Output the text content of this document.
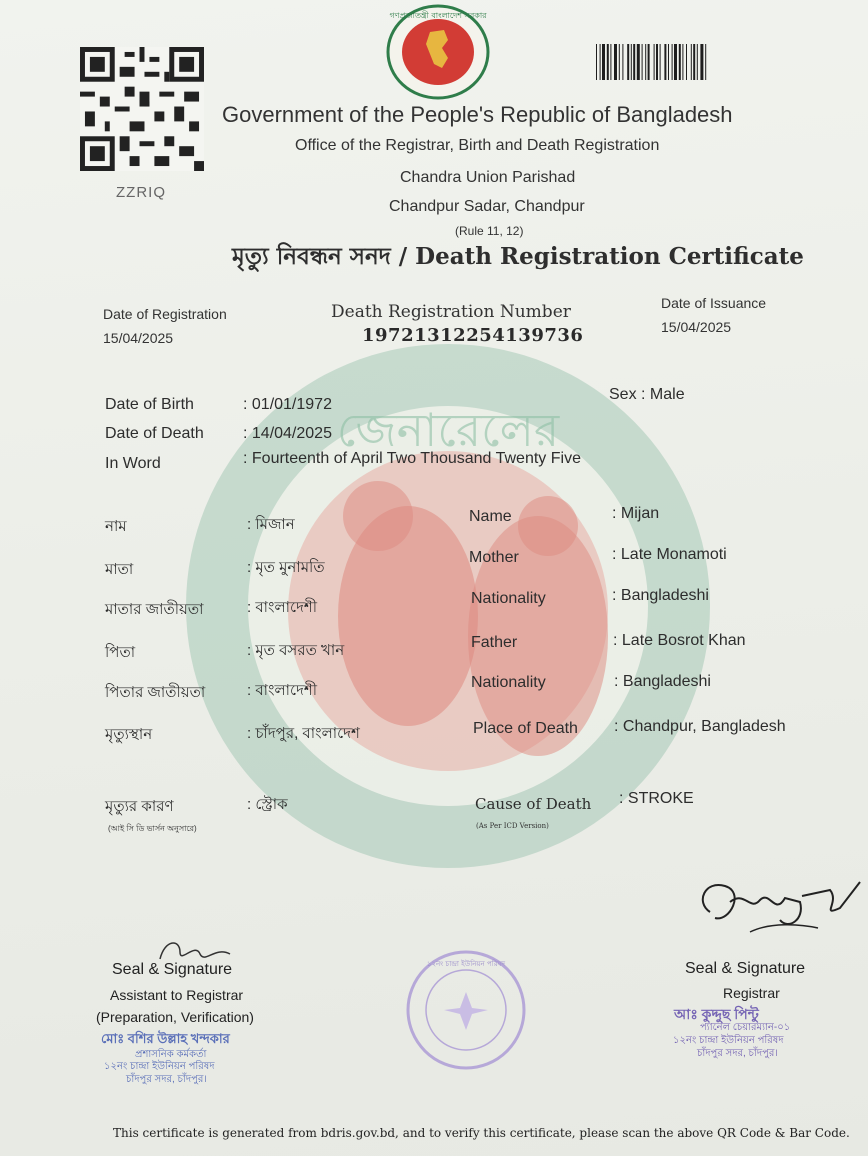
জেনারেলের
ZZRIQ
গণপ্রজাতন্ত্রী বাংলাদেশ সরকার
Government of the People's Republic of Bangladesh
Office of the Registrar, Birth and Death Registration
Chandra Union Parishad
Chandpur Sadar, Chandpur
(Rule 11, 12)
মৃত্যু নিবন্ধন সনদ / Death Registration Certificate
Date of Registration
15/04/2025
Death Registration Number
19721312254139736
Date of Issuance
15/04/2025
Date of Birth	: 01/01/1972
Date of Death : 14/04/2025
In Word	: Fourteenth of April Two Thousand Twenty Five
Sex : Male
নাম	: মিজান
মাতা	: মৃত মুনামতি
মাতার জাতীয়তা	: বাংলাদেশী
পিতা	: মৃত বসরত খান
পিতার জাতীয়তা	: বাংলাদেশী
মৃত্যুস্থান	: চাঁদপুর, বাংলাদেশ
মৃত্যুর কারণ	: স্ট্রোক
(আই সি ডি ভার্সন অনুসারে)
Name	: Mijan
Mother	: Late Monamoti
Nationality	: Bangladeshi
Father	: Late Bosrot Khan
Nationality	: Bangladeshi
Place of Death : Chandpur, Bangladesh
Cause of Death : STROKE
(As Per ICD Version)
Seal & Signature
Assistant to Registrar
(Preparation, Verification)
মোঃ বশির উল্লাহ খন্দকার
প্রশাসনিক কর্মকর্তা
১২নং চান্দ্রা ইউনিয়ন পরিষদ
চাঁদপুর সদর, চাঁদপুর।
১২নং চান্দ্রা ইউনিয়ন পরিষদ	Seal & Signature
Registrar
আঃ কুদ্দুছ পিন্টু
প্যানেল চেয়ারম্যান-০১
১২নং চান্দ্রা ইউনিয়ন পরিষদ
চাঁদপুর সদর, চাঁদপুর।
This certificate is generated from bdris.gov.bd, and to verify this certificate, please scan the above QR Code & Bar Code.
